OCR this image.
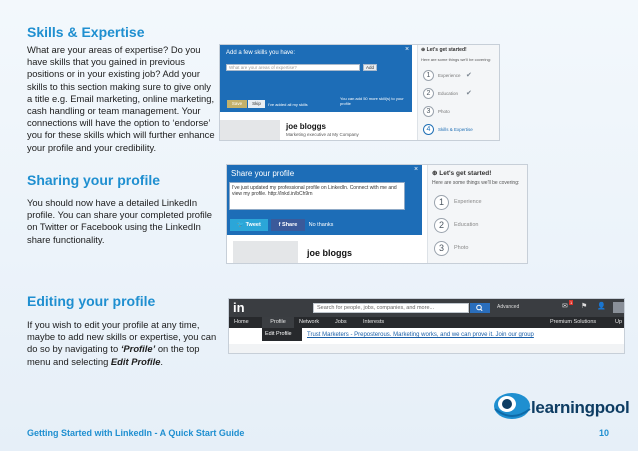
Skills & Expertise
What are your areas of expertise? Do you
have skills that you gained in previous
positions or in your existing job? Add your
skills to this section making sure to give only
a title e.g. Email marketing, online marketing,
cash handling or team management. Your
connections will have the option to ‘endorse’
you for these skills which will further enhance
your profile and your credibility.
Add a few skills you have:	×
What are your areas of expertise?	Add
You can add 50 more skill(s) to your profile
Save	Skip	I've added all my skills
joe bloggs
Marketing executive at My Company
⊕ Let's get started!
Here are some things we'll be covering:
1	Experience ✔
2	Education ✔
3	Photo
4	Skills & Expertise
Sharing your profile
You should now have a detailed LinkedIn
profile. You can share your completed profile
on Twitter or Facebook using the LinkedIn
share functionality.
Share your profile	×
I've just updated my professional profile on LinkedIn. Connect with me and view my profile. http://lnkd.in/bCh9rn
🐦 Tweet	f Share	No thanks
joe bloggs
⊕ Let's get started!
Here are some things we'll be covering:
1	Experience
2	Education
3	Photo
Editing your profile
If you wish to edit your profile at any time,
maybe to add new skills or expertise, you can
do so by navigating to ‘Profile’ on the top
menu and selecting Edit Profile.
in	Search for people, jobs, companies, and more...	Advanced	✉
1
⚑ 👤
Home	Profile	Network	Jobs	Interests	Premium Solutions	Up
Edit Profile	Trust Marketers - Preposterous. Marketing works, and we can prove it. Join our group
learningpool
Getting Started with LinkedIn - A Quick Start Guide	10
